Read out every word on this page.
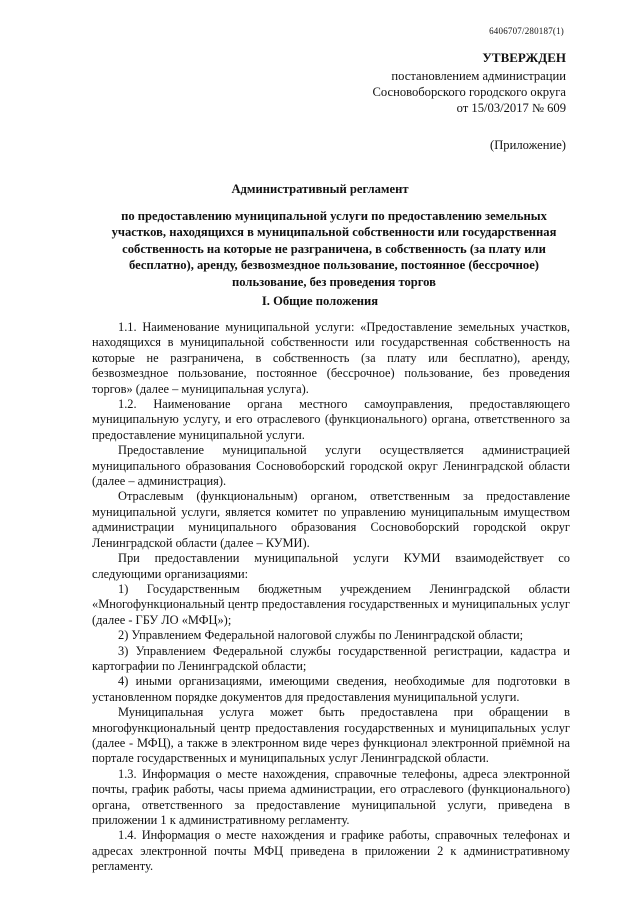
6406707/280187(1)
УТВЕРЖДЕН
постановлением администрации
Сосновоборского городского округа
от 15/03/2017 № 609
(Приложение)
Административный регламент
по предоставлению муниципальной услуги по предоставлению земельных участков, находящихся в муниципальной собственности или государственная собственность на которые не разграничена, в собственность (за плату или бесплатно), аренду, безвозмездное пользование, постоянное (бессрочное) пользование, без проведения торгов
I. Общие положения

1.1. Наименование муниципальной услуги: «Предоставление земельных участков, находящихся в муниципальной собственности или государственная собственность на которые не разграничена, в собственность (за плату или бесплатно), аренду, безвозмездное пользование, постоянное (бессрочное) пользование, без проведения торгов» (далее – муниципальная услуга).

1.2. Наименование органа местного самоуправления, предоставляющего муниципальную услугу, и его отраслевого (функционального) органа, ответственного за предоставление муниципальной услуги.

Предоставление муниципальной услуги осуществляется администрацией муниципального образования Сосновоборский городской округ Ленинградской области (далее – администрация).

Отраслевым (функциональным) органом, ответственным за предоставление муниципальной услуги, является комитет по управлению муниципальным имуществом администрации муниципального образования Сосновоборский городской округ Ленинградской области (далее – КУМИ).

При предоставлении муниципальной услуги КУМИ взаимодействует со следующими организациями:

1) Государственным бюджетным учреждением Ленинградской области «Многофункциональный центр предоставления государственных и муниципальных услуг (далее - ГБУ ЛО «МФЦ»);

2) Управлением Федеральной налоговой службы по Ленинградской области;

3) Управлением Федеральной службы государственной регистрации, кадастра и картографии по Ленинградской области;

4) иными организациями, имеющими сведения, необходимые для подготовки в установленном порядке документов для предоставления муниципальной услуги.

Муниципальная услуга может быть предоставлена при обращении в многофункциональный центр предоставления государственных и муниципальных услуг (далее - МФЦ), а также в электронном виде через функционал электронной приёмной на портале государственных и муниципальных услуг Ленинградской области.

1.3. Информация о месте нахождения, справочные телефоны, адреса электронной почты, график работы, часы приема администрации, его отраслевого (функционального) органа, ответственного за предоставление муниципальной услуги, приведена в приложении 1 к административному регламенту.

1.4. Информация о месте нахождения и графике работы, справочных телефонах и адресах электронной почты МФЦ приведена в приложении 2 к административному регламенту.
